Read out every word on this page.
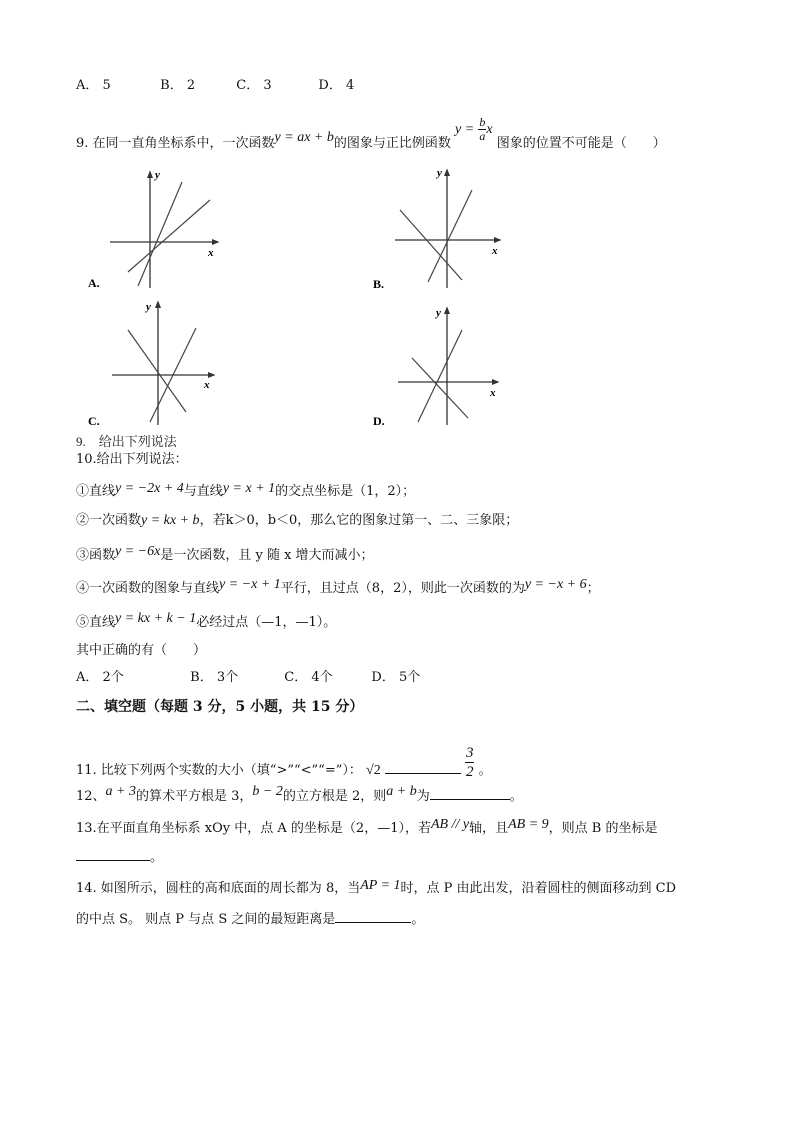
A． 5	B． 2	C． 3	D． 4
9. 在同一直角坐标系中，一次函数y = ax + b的图象与正比例函数 $y = \frac{b}{a}$ x 图象的位置不可能是（　　）
y
x
A.
y
x
B.
y
x
C.
y
x
D.
9.　给出下列说法
10.给出下列说法：
①直线y = −2x + 4与直线y = x + 1的交点坐标是（1，2）；
②一次函数y = kx + b，若k＞0，b＜0，那么它的图象过第一、二、三象限；
③函数y = −6x是一次函数，且 y 随 x 增大而减小；
④一次函数的图象与直线y = −x + 1平行，且过点（8，2），则此一次函数的为y = −x + 6；
⑤直线y = kx + k − 1必经过点（—1，—1）。
其中正确的有（　　）
A． 2个	B． 3个	C． 4个	D． 5个
二、填空题（每题 3 分，5 小题，共 15 分）
11. 比较下列两个实数的大小（填“>”“<”“=”）： √2	$\frac{3}{2}$ 。
12、a + 3的算术平方根是 3，b − 2的立方根是 2，则a + b为	。
13.在平面直角坐标系 xOy 中，点 A 的坐标是（2，—1），若AB // y轴，且AB = 9，则点 B 的坐标是
。
14. 如图所示，圆柱的高和底面的周长都为 8，当AP = 1时，点 P 由此出发，沿着圆柱的侧面移动到 CD
的中点 S。 则点 P 与点 S 之间的最短距离是	。
